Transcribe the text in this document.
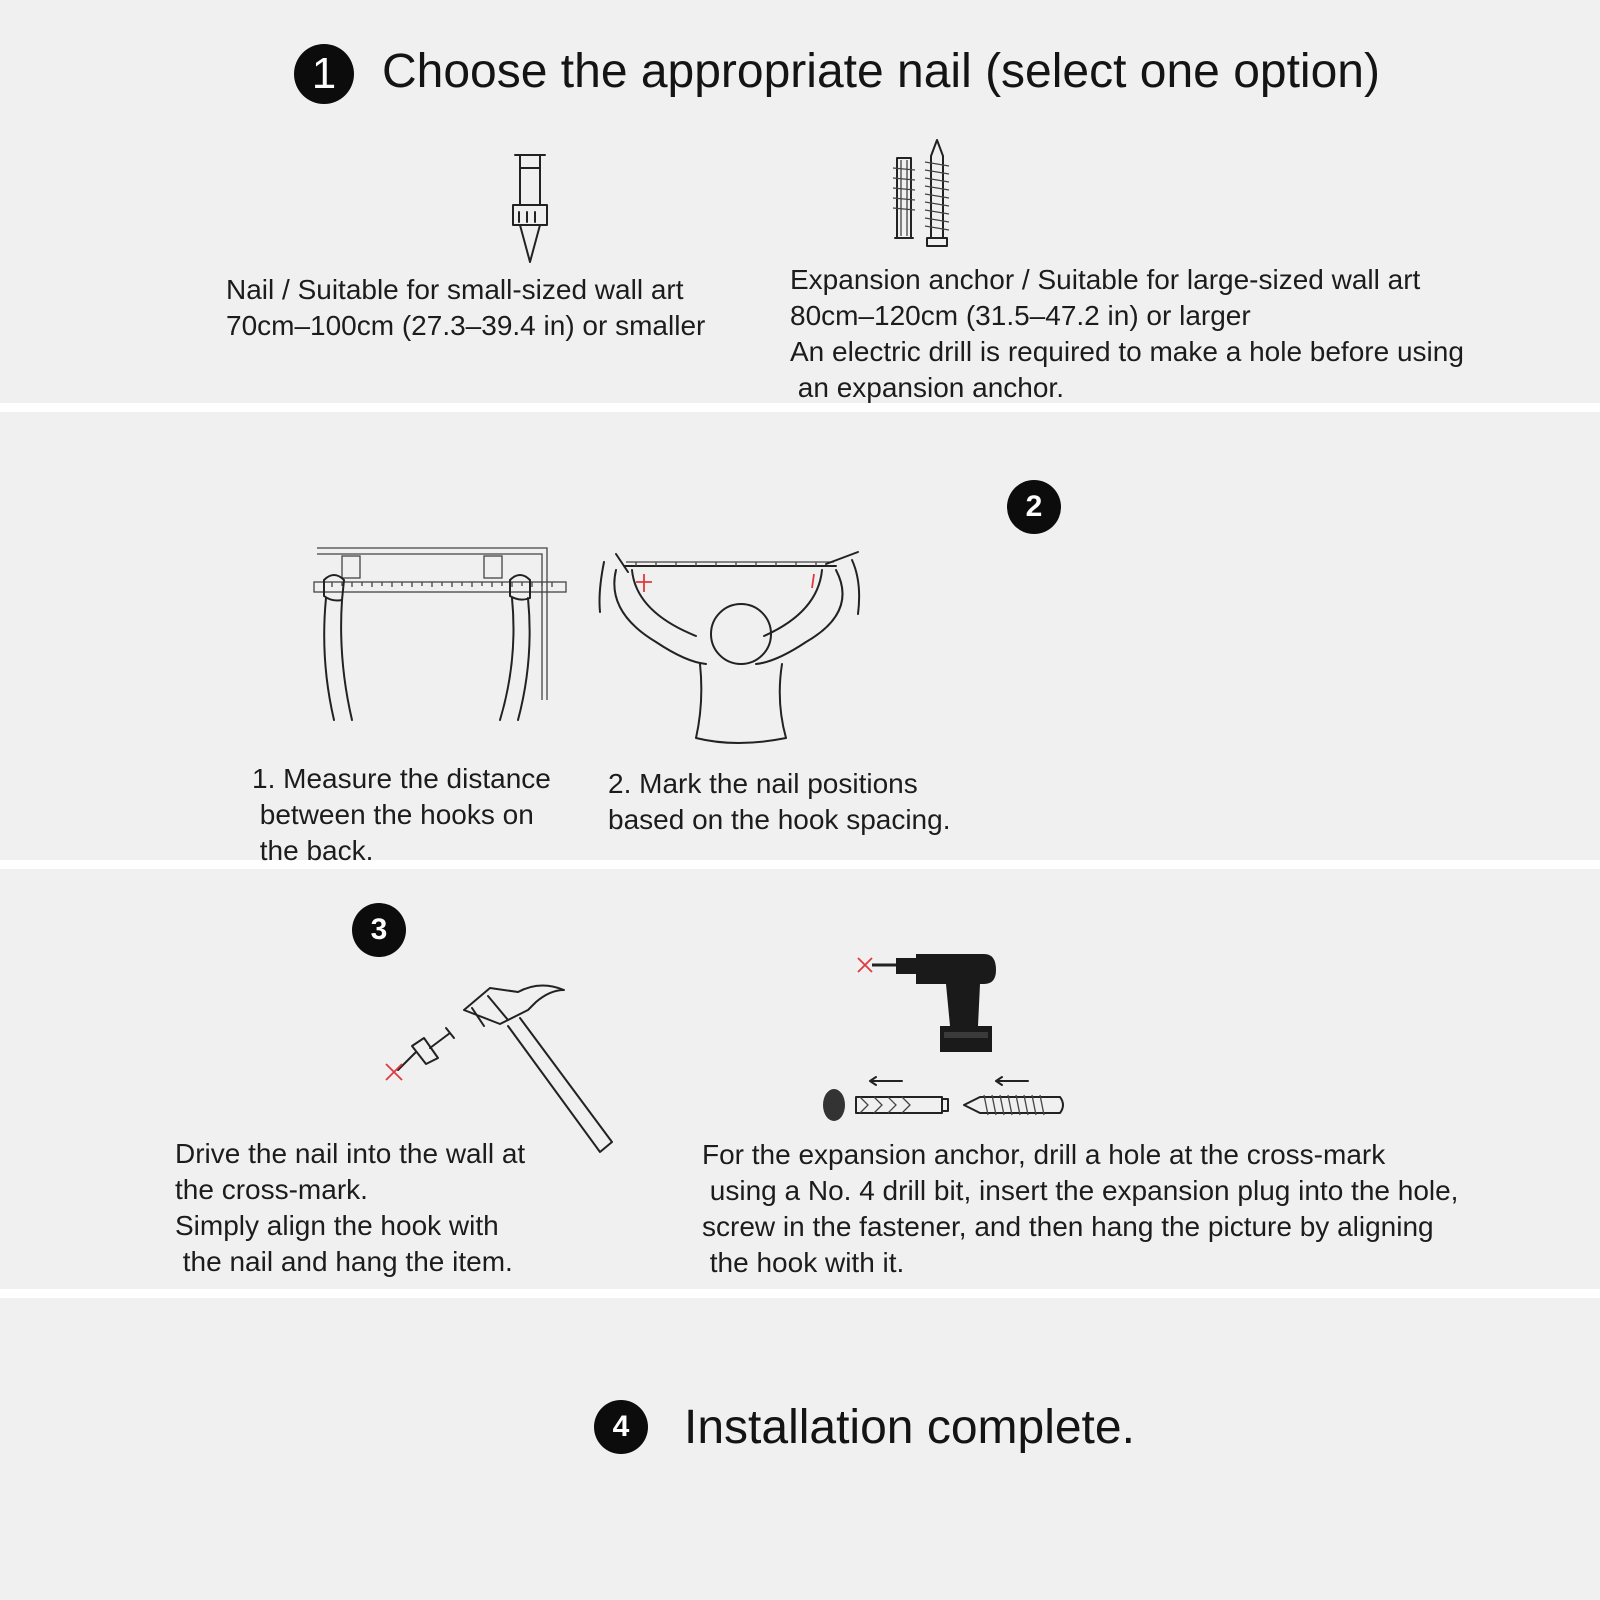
1 Choose the appropriate nail (select one option)
Nail / Suitable for small-sized wall art
70cm–100cm (27.3–39.4 in) or smaller
Expansion anchor / Suitable for large-sized wall art
80cm–120cm (31.5–47.2 in) or larger
An electric drill is required to make a hole before using
an expansion anchor.
2
1. Measure the distance
between the hooks on
the back.
2. Mark the nail positions
based on the hook spacing.
3
Drive the nail into the wall at
the cross-mark.
Simply align the hook with
the nail and hang the item.
For the expansion anchor, drill a hole at the cross-mark
using a No. 4 drill bit, insert the expansion plug into the hole,
screw in the fastener, and then hang the picture by aligning
the hook with it.
4	Installation complete.
